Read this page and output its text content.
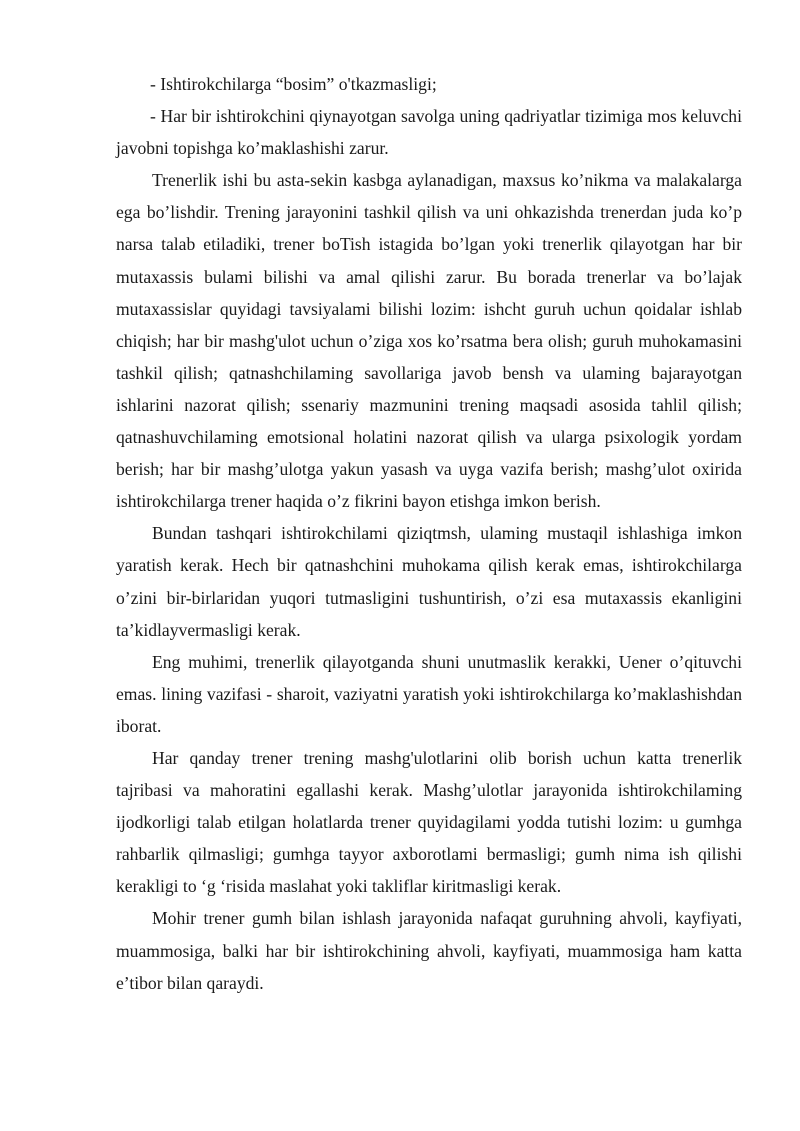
- Ishtirokchilarga “bosim” o'tkazmasligi;

- Har bir ishtirokchini qiynayotgan savolga uning qadriyatlar tizimiga mos keluvchi javobni topishga ko’maklashishi zarur.

Trenerlik ishi bu asta-sekin kasbga aylanadigan, maxsus ko’nikma va malakalarga ega bo’lishdir. Trening jarayonini tashkil qilish va uni ohkazishda trenerdan juda ko’p narsa talab etiladiki, trener boTish istagida bo’lgan yoki trenerlik qilayotgan har bir mutaxassis bulami bilishi va amal qilishi zarur. Bu borada trenerlar va bo’lajak mutaxassislar quyidagi tavsiyalami bilishi lozim: ishcht guruh uchun qoidalar ishlab chiqish; har bir mashg'ulot uchun o’ziga xos ko’rsatma bera olish; guruh muhokamasini tashkil qilish; qatnashchilaming savollariga javob bensh va ulaming bajarayotgan ishlarini nazorat qilish; ssenariy mazmunini trening maqsadi asosida tahlil qilish; qatnashuvchilaming emotsional holatini nazorat qilish va ularga psixologik yordam berish; har bir mashg’ulotga yakun yasash va uyga vazifa berish; mashg’ulot oxirida ishtirokchilarga trener haqida o’z fikrini bayon etishga imkon berish.

Bundan tashqari ishtirokchilami qiziqtmsh, ulaming mustaqil ishlashiga imkon yaratish kerak. Hech bir qatnashchini muhokama qilish kerak emas, ishtirokchilarga o’zini bir-birlaridan yuqori tutmasligini tushuntirish, o’zi esa mutaxassis ekanligini ta’kidlayvermasligi kerak.

Eng muhimi, trenerlik qilayotganda shuni unutmaslik kerakki, Uener o’qituvchi emas. lining vazifasi - sharoit, vaziyatni yaratish yoki ishtirokchilarga ko’maklashishdan iborat.

Har qanday trener trening mashg'ulotlarini olib borish uchun katta trenerlik tajribasi va mahoratini egallashi kerak. Mashg’ulotlar jarayonida ishtirokchilaming ijodkorligi talab etilgan holatlarda trener quyidagilami yodda tutishi lozim: u gumhga rahbarlik qilmasligi; gumhga tayyor axborotlami bermasligi; gumh nima ish qilishi kerakligi to ‘g ‘risida maslahat yoki takliflar kiritmasligi kerak.

Mohir trener gumh bilan ishlash jarayonida nafaqat guruhning ahvoli, kayfiyati, muammosiga, balki har bir ishtirokchining ahvoli, kayfiyati, muammosiga ham katta e’tibor bilan qaraydi.
